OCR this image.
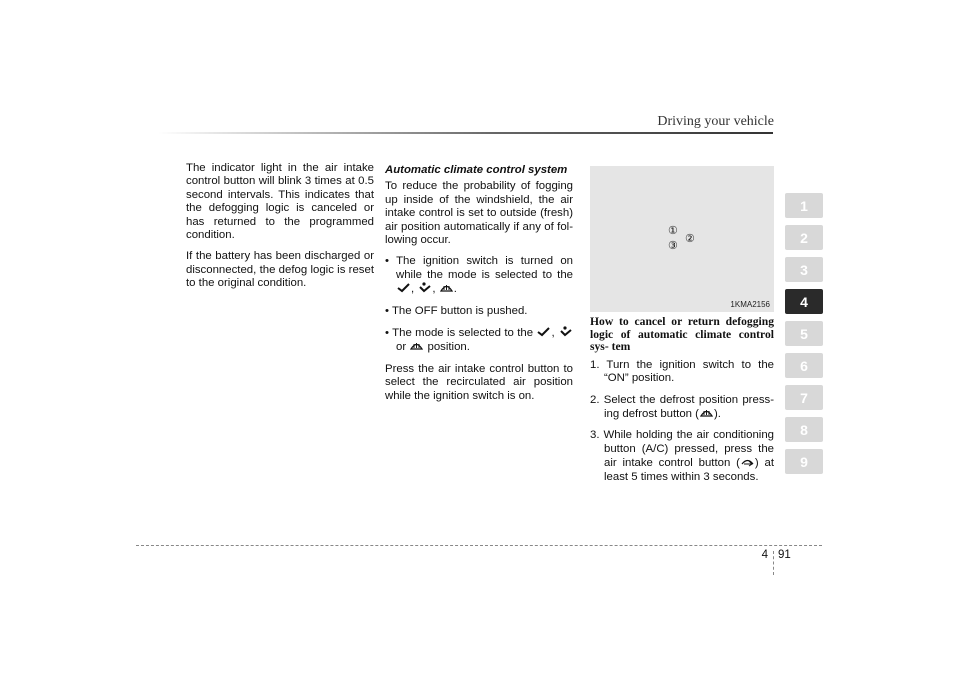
Driving your vehicle

The indicator light in the air intake control button will blink 3 times at 0.5 second intervals. This indicates that the defogging logic is canceled or has returned to the programmed condition.

If the battery has been discharged or disconnected, the defog logic is reset to the original condition.

Automatic climate control system

To reduce the probability of fogging up inside of the windshield, the air intake control is set to outside (fresh) air position automatically if any of fol- lowing occur.

• The ignition switch is turned on while the mode is selected to the
, , .

• The OFF button is pushed.

• The mode is selected to the ,
or position.

Press the air intake control button to select the recirculated air position while the ignition switch is on.

①
②
③
1KMA2156

How to cancel or return defogging logic of automatic climate control sys- tem

1. Turn the ignition switch to the “ON” position.

2. Select the defrost position press- ing defrost button ( ).

3. While holding the air conditioning button (A/C) pressed, press the air intake control button ( ) at least 5 times within 3 seconds.

1
2
3
4
5
6
7
8
9
4 91
